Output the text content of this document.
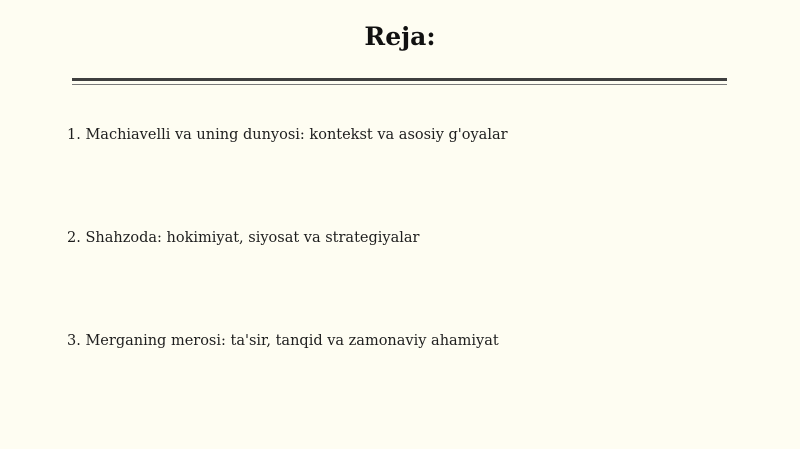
Reja:
1. Machiavelli va uning dunyosi: kontekst va asosiy g'oyalar
2. Shahzoda: hokimiyat, siyosat va strategiyalar
3. Merganing merosi: ta'sir, tanqid va zamonaviy ahamiyat
